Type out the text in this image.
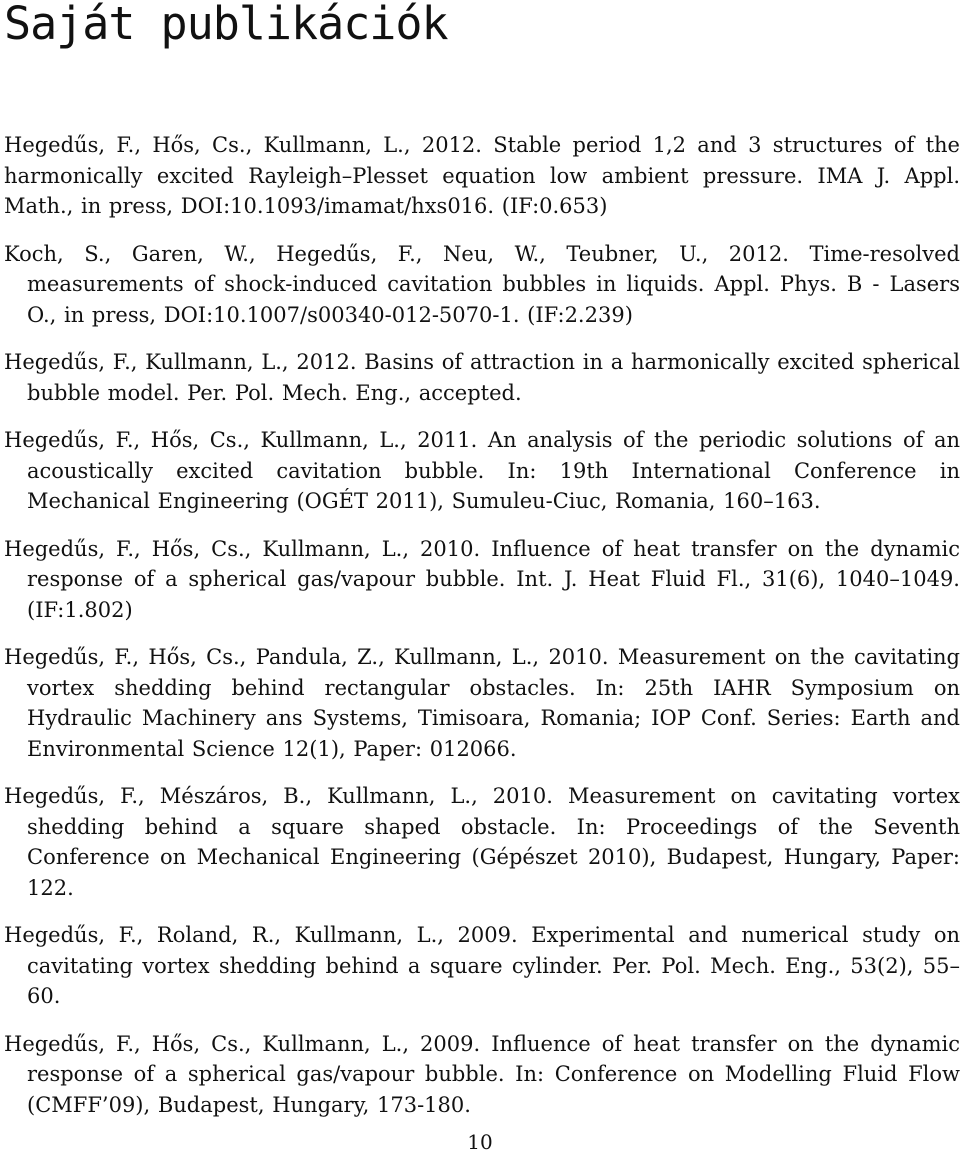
Saját publikációk

Hegedűs, F., Hős, Cs., Kullmann, L., 2012. Stable period 1,2 and 3 structures of the harmonically excited Rayleigh–Plesset equation low ambient pressure. IMA J. Appl. Math., in press, DOI:10.1093/imamat/hxs016. (IF:0.653)

Koch, S., Garen, W., Hegedűs, F., Neu, W., Teubner, U., 2012. Time-resolved measurements of shock-induced cavitation bubbles in liquids. Appl. Phys. B - Lasers O., in press, DOI:10.1007/s00340-012-5070-1. (IF:2.239)

Hegedűs, F., Kullmann, L., 2012. Basins of attraction in a harmonically excited spherical bubble model. Per. Pol. Mech. Eng., accepted.

Hegedűs, F., Hős, Cs., Kullmann, L., 2011. An analysis of the periodic solutions of an acoustically excited cavitation bubble. In: 19th International Conference in Mechanical Engineering (OGÉT 2011), Sumuleu-Ciuc, Romania, 160–163.

Hegedűs, F., Hős, Cs., Kullmann, L., 2010. Influence of heat transfer on the dynamic response of a spherical gas/vapour bubble. Int. J. Heat Fluid Fl., 31(6), 1040–1049. (IF:1.802)

Hegedűs, F., Hős, Cs., Pandula, Z., Kullmann, L., 2010. Measurement on the cavitating vortex shedding behind rectangular obstacles. In: 25th IAHR Symposium on Hydraulic Machinery ans Systems, Timisoara, Romania; IOP Conf. Series: Earth and Environmental Science 12(1), Paper: 012066.

Hegedűs, F., Mészáros, B., Kullmann, L., 2010. Measurement on cavitating vortex shedding behind a square shaped obstacle. In: Proceedings of the Seventh Conference on Mechanical Engineering (Gépészet 2010), Budapest, Hungary, Paper: 122.

Hegedűs, F., Roland, R., Kullmann, L., 2009. Experimental and numerical study on cavitating vortex shedding behind a square cylinder. Per. Pol. Mech. Eng., 53(2), 55–60.

Hegedűs, F., Hős, Cs., Kullmann, L., 2009. Influence of heat transfer on the dynamic response of a spherical gas/vapour bubble. In: Conference on Modelling Fluid Flow (CMFF’09), Budapest, Hungary, 173-180.

10
